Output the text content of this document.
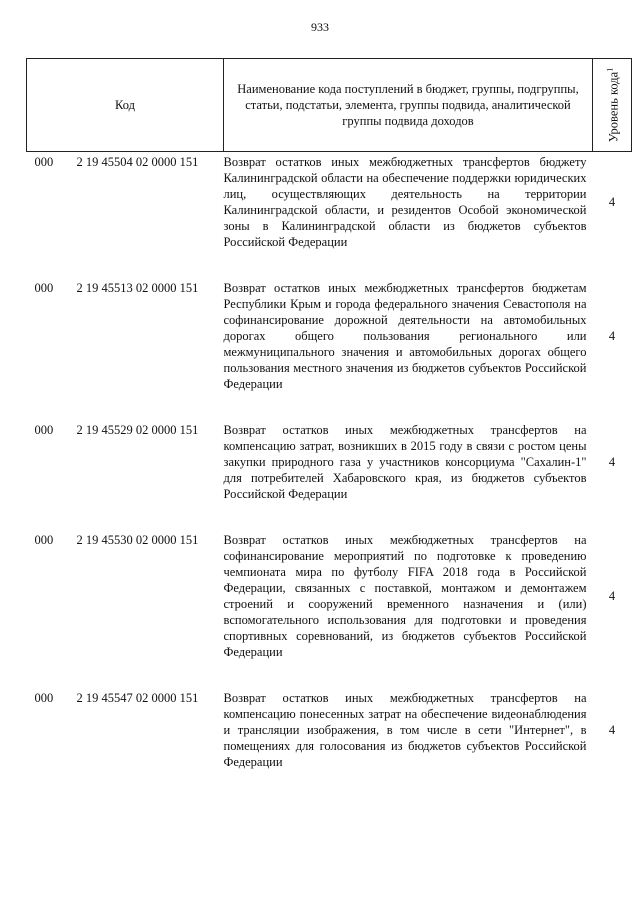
933
Код	Наименование кода поступлений в бюджет, группы, подгруппы, статьи, подстатьи, элемента, группы подвида, аналитической группы подвида доходов	Уровень кода$^1$

000 2 19 45504 02 0000 151	Возврат остатков иных межбюджетных трансфертов бюджету Калининградской области на обеспечение поддержки юридических лиц, осуществляющих деятельность на территории Калининградской области, и резидентов Особой экономической зоны в Калининградской области из бюджетов субъектов Российской Федерации	4

000 2 19 45513 02 0000 151	Возврат остатков иных межбюджетных трансфертов бюджетам Республики Крым и города федерального значения Севастополя на софинансирование дорожной деятельности на автомобильных дорогах общего пользования регионального или межмуниципального значения и автомобильных дорогах общего пользования местного значения из бюджетов субъектов Российской Федерации	4

000 2 19 45529 02 0000 151	Возврат остатков иных межбюджетных трансфертов на компенсацию затрат, возникших в 2015 году в связи с ростом цены закупки природного газа у участников консорциума "Сахалин-1" для потребителей Хабаровского края, из бюджетов субъектов Российской Федерации	4

000 2 19 45530 02 0000 151	Возврат остатков иных межбюджетных трансфертов на софинансирование мероприятий по подготовке к проведению чемпионата мира по футболу FIFA 2018 года в Российской Федерации, связанных с поставкой, монтажом и демонтажем строений и сооружений временного назначения и (или) вспомогательного использования для подготовки и проведения спортивных соревнований, из бюджетов субъектов Российской Федерации	4

000 2 19 45547 02 0000 151	Возврат остатков иных межбюджетных трансфертов на компенсацию понесенных затрат на обеспечение видеонаблюдения и трансляции изображения, в том числе в сети "Интернет", в помещениях для голосования из бюджетов субъектов Российской Федерации	4
